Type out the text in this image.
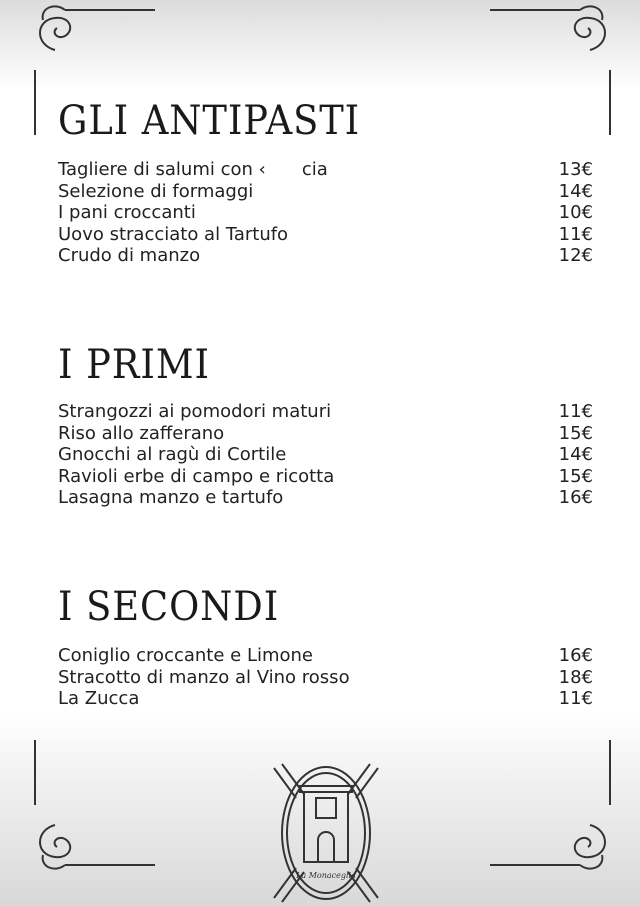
GLI ANTIPASTI
Tagliere di salumi con ‹ cia	13€
Selezione di formaggi	14€
I pani croccanti	10€
Uovo stracciato al Tartufo	11€
Crudo di manzo	12€
I PRIMI
Strangozzi ai pomodori maturi	11€
Riso allo zafferano	15€
Gnocchi al ragù di Cortile	14€
Ravioli erbe di campo e ricotta	15€
Lasagna manzo e tartufo	16€
I SECONDI
Coniglio croccante e Limone	16€
Stracotto di manzo al Vino rosso	18€
La Zucca	11€
La Monaceglia
